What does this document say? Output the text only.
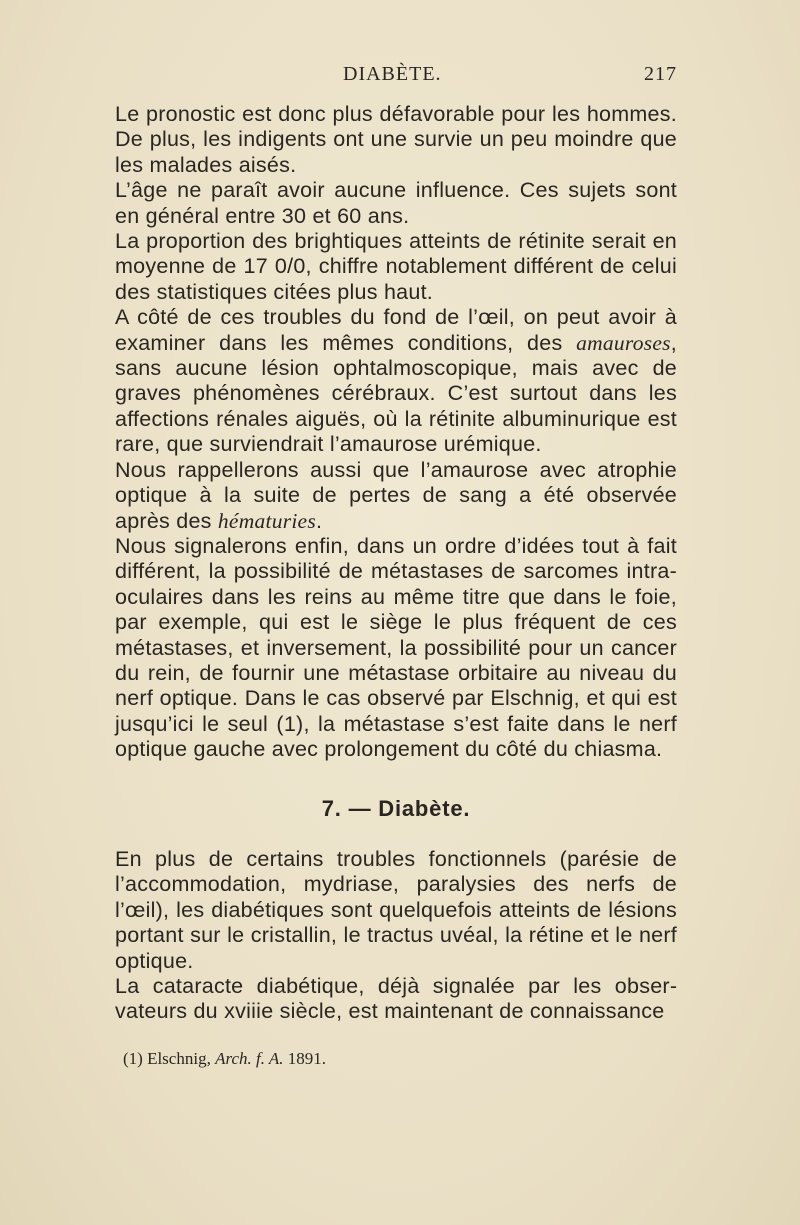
DIABÈTE.	217

Le pronostic est donc plus défavorable pour les hommes. De plus, les indigents ont une survie un peu moindre que les malades aisés.

L’âge ne paraît avoir aucune influence. Ces sujets sont en général entre 30 et 60 ans.

La proportion des brightiques atteints de rétinite serait en moyenne de 17 0/0, chiffre notablement différent de celui des statistiques citées plus haut.

A côté de ces troubles du fond de l’œil, on peut avoir à examiner dans les mêmes conditions, des amauroses, sans aucune lésion ophtalmoscopique, mais avec de graves phénomènes cérébraux. C’est surtout dans les affections rénales aiguës, où la rétinite albuminurique est rare, que surviendrait l’amaurose urémique.

Nous rappellerons aussi que l’amaurose avec atrophie optique à la suite de pertes de sang a été observée après des hématuries.

Nous signalerons enfin, dans un ordre d’idées tout à fait différent, la possibilité de métastases de sarcomes intra-oculaires dans les reins au même titre que dans le foie, par exemple, qui est le siège le plus fréquent de ces métastases, et inversement, la possibilité pour un cancer du rein, de fournir une métastase orbitaire au niveau du nerf optique. Dans le cas observé par Elschnig, et qui est jusqu’ici le seul (1), la métastase s’est faite dans le nerf optique gauche avec prolongement du côté du chiasma.

7. — Diabète.

En plus de certains troubles fonctionnels (parésie de l’accommodation, mydriase, paralysies des nerfs de l’œil), les diabétiques sont quelquefois atteints de lésions portant sur le cristallin, le tractus uvéal, la rétine et le nerf optique.

La cataracte diabétique, déjà signalée par les observateurs du xviiie siècle, est maintenant de connaissance

(1) Elschnig, Arch. f. A. 1891.
